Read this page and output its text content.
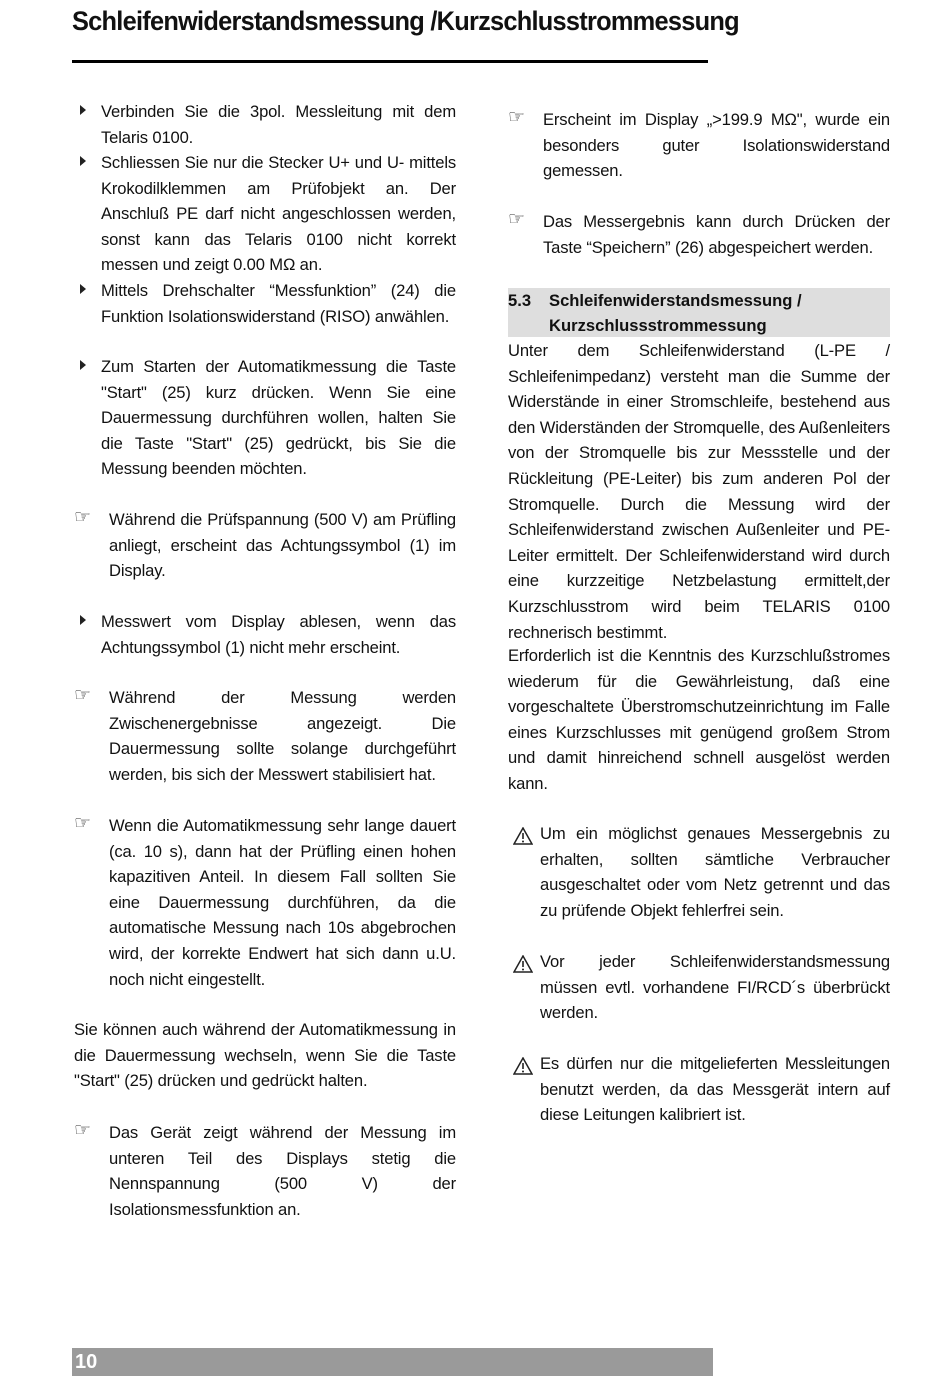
Schleifenwiderstandsmessung /Kurzschlusstrommessung
Verbinden Sie die 3pol. Messleitung mit dem Telaris 0100.
Schliessen Sie nur die Stecker U+ und U- mittels Krokodilklemmen am Prüfobjekt an. Der Anschluß PE darf nicht angeschlossen werden, sonst kann das Telaris 0100 nicht korrekt messen und zeigt 0.00 MΩ an.
Mittels Drehschalter “Messfunktion” (24) die Funktion Isolationswiderstand (RISO) anwählen.
Zum Starten der Automatikmessung die Taste "Start" (25) kurz drücken. Wenn Sie eine Dauermessung durchführen wollen, halten Sie die Taste "Start" (25) gedrückt, bis Sie die Messung beenden möchten.
☞ Während die Prüfspannung (500 V) am Prüfling anliegt, erscheint das Achtungssymbol (1) im Display.
Messwert vom Display ablesen, wenn das Achtungssymbol (1) nicht mehr erscheint.
☞ Während der Messung werden Zwischenergebnisse angezeigt. Die Dauermessung sollte solange durchgeführt werden, bis sich der Messwert stabilisiert hat.
☞ Wenn die Automatikmessung sehr lange dauert (ca. 10 s), dann hat der Prüfling einen hohen kapazitiven Anteil. In diesem Fall sollten Sie eine Dauermessung durchführen, da die automatische Messung nach 10s abgebrochen wird, der korrekte Endwert hat sich dann u.U. noch nicht eingestellt.
Sie können auch während der Automatikmessung in die Dauermessung wechseln, wenn Sie die Taste "Start" (25) drücken und gedrückt halten.
☞ Das Gerät zeigt während der Messung im unteren Teil des Displays stetig die Nennspannung (500 V) der Isolationsmessfunktion an.
☞ Erscheint im Display „>199.9 MΩ", wurde ein besonders guter Isolationswiderstand gemessen.
☞ Das Messergebnis kann durch Drücken der Taste “Speichern” (26) abgespeichert werden.
5.3 Schleifenwiderstandsmessung /
Kurzschlussstrommessung
Unter dem Schleifenwiderstand (L-PE / Schleifenimpedanz) versteht man die Summe der Widerstände in einer Stromschleife, bestehend aus den Widerständen der Stromquelle, des Außenleiters von der Stromquelle bis zur Messstelle und der Rückleitung (PE-Leiter) bis zum anderen Pol der Stromquelle. Durch die Messung wird der Schleifenwiderstand zwischen Außenleiter und PE-Leiter ermittelt. Der Schleifenwiderstand wird durch eine kurzzeitige Netzbelastung ermittelt,der Kurzschlusstrom wird beim TELARIS 0100 rechnerisch bestimmt.
Erforderlich ist die Kenntnis des Kurzschlußstromes wiederum für die Gewährleistung, daß eine vorgeschaltete Überstromschutzeinrichtung im Falle eines Kurzschlusses mit genügend großem Strom und damit hinreichend schnell ausgelöst werden kann.
Um ein möglichst genaues Messergebnis zu erhalten, sollten sämtliche Verbraucher ausgeschaltet oder vom Netz getrennt und das zu prüfende Objekt fehlerfrei sein.
Vor jeder Schleifenwiderstandsmessung müssen evtl. vorhandene FI/RCD´s überbrückt werden.
Es dürfen nur die mitgelieferten Messleitungen benutzt werden, da das Messgerät intern auf diese Leitungen kalibriert ist.
10
